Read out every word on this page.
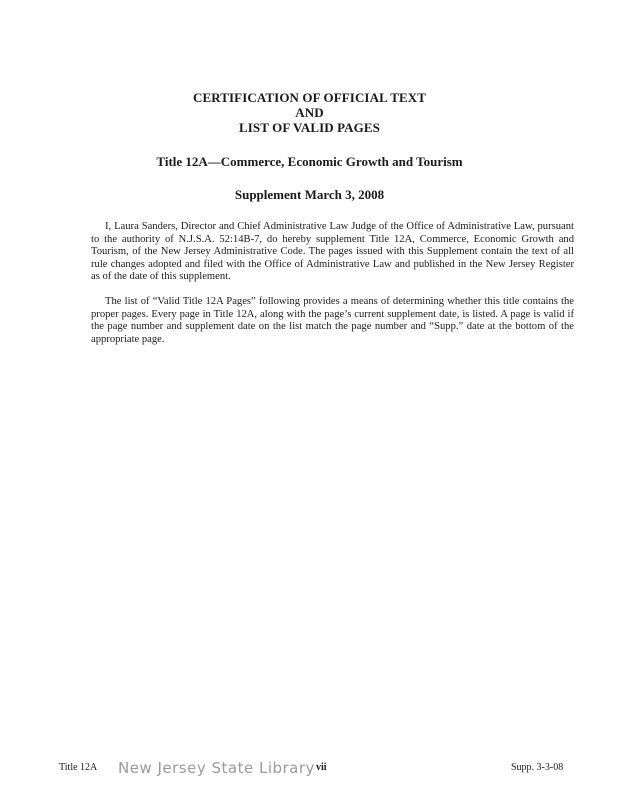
CERTIFICATION OF OFFICIAL TEXT
AND
LIST OF VALID PAGES
Title 12A—Commerce, Economic Growth and Tourism
Supplement March 3, 2008

I, Laura Sanders, Director and Chief Administrative Law Judge of the Office of Administrative Law, pursuant to the authority of N.J.S.A. 52:14B-7, do hereby supplement Title 12A, Commerce, Economic Growth and Tourism, of the New Jersey Administrative Code. The pages issued with this Supplement contain the text of all rule changes adopted and filed with the Office of Administrative Law and published in the New Jersey Register as of the date of this supplement.

The list of “Valid Title 12A Pages” following provides a means of determining whether this title contains the proper pages. Every page in Title 12A, along with the page’s current supplement date, is listed. A page is valid if the page number and supplement date on the list match the page number and “Supp.” date at the bottom of the appropriate page.

Title 12A New Jersey State Library vii	Supp. 3-3-08
